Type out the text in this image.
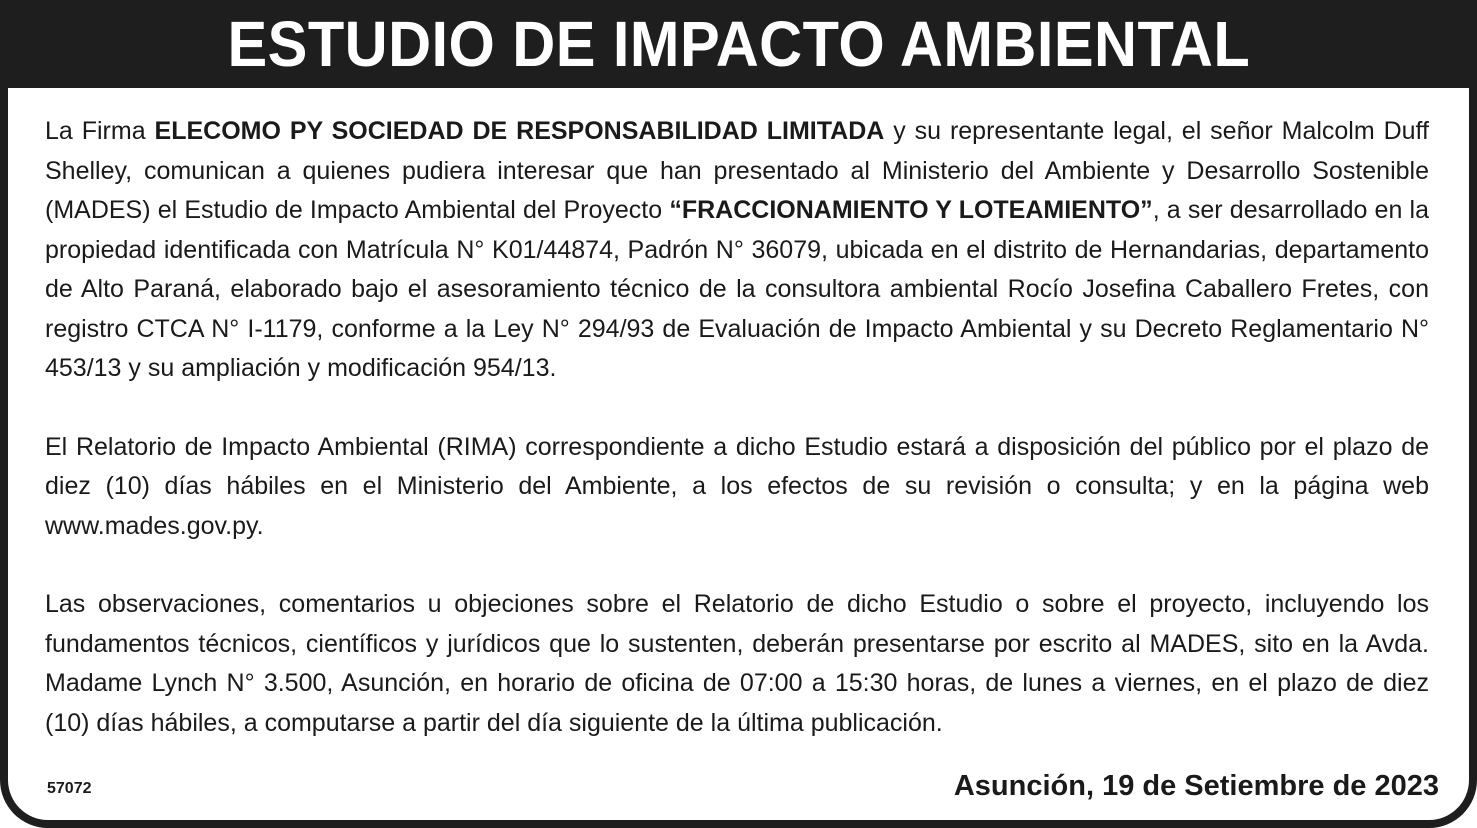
ESTUDIO DE IMPACTO AMBIENTAL

La Firma ELECOMO PY SOCIEDAD DE RESPONSABILIDAD LIMITADA y su representante legal, el señor Malcolm Duff Shelley, comunican a quienes pudiera interesar que han presentado al Ministerio del Ambiente y Desarrollo Sostenible (MADES) el Estudio de Impacto Ambiental del Proyecto “FRACCIONAMIENTO Y LOTEAMIENTO”, a ser desarrollado en la propiedad identificada con Matrícula N° K01/44874, Padrón N° 36079, ubicada en el distrito de Hernandarias, departamento de Alto Paraná, elaborado bajo el asesoramiento técnico de la consultora ambiental Rocío Josefina Caballero Fretes, con registro CTCA N° I-1179, conforme a la Ley N° 294/93 de Evaluación de Impacto Ambiental y su Decreto Reglamentario N° 453/13 y su ampliación y modificación 954/13.

El Relatorio de Impacto Ambiental (RIMA) correspondiente a dicho Estudio estará a disposición del público por el plazo de diez (10) días hábiles en el Ministerio del Ambiente, a los efectos de su revisión o consulta; y en la página web www.mades.gov.py.

Las observaciones, comentarios u objeciones sobre el Relatorio de dicho Estudio o sobre el proyecto, incluyendo los fundamentos técnicos, científicos y jurídicos que lo sustenten, deberán presentarse por escrito al MADES, sito en la Avda. Madame Lynch N° 3.500, Asunción, en horario de oficina de 07:00 a 15:30 horas, de lunes a viernes, en el plazo de diez (10) días hábiles, a computarse a partir del día siguiente de la última publicación.

57072	Asunción, 19 de Setiembre de 2023
